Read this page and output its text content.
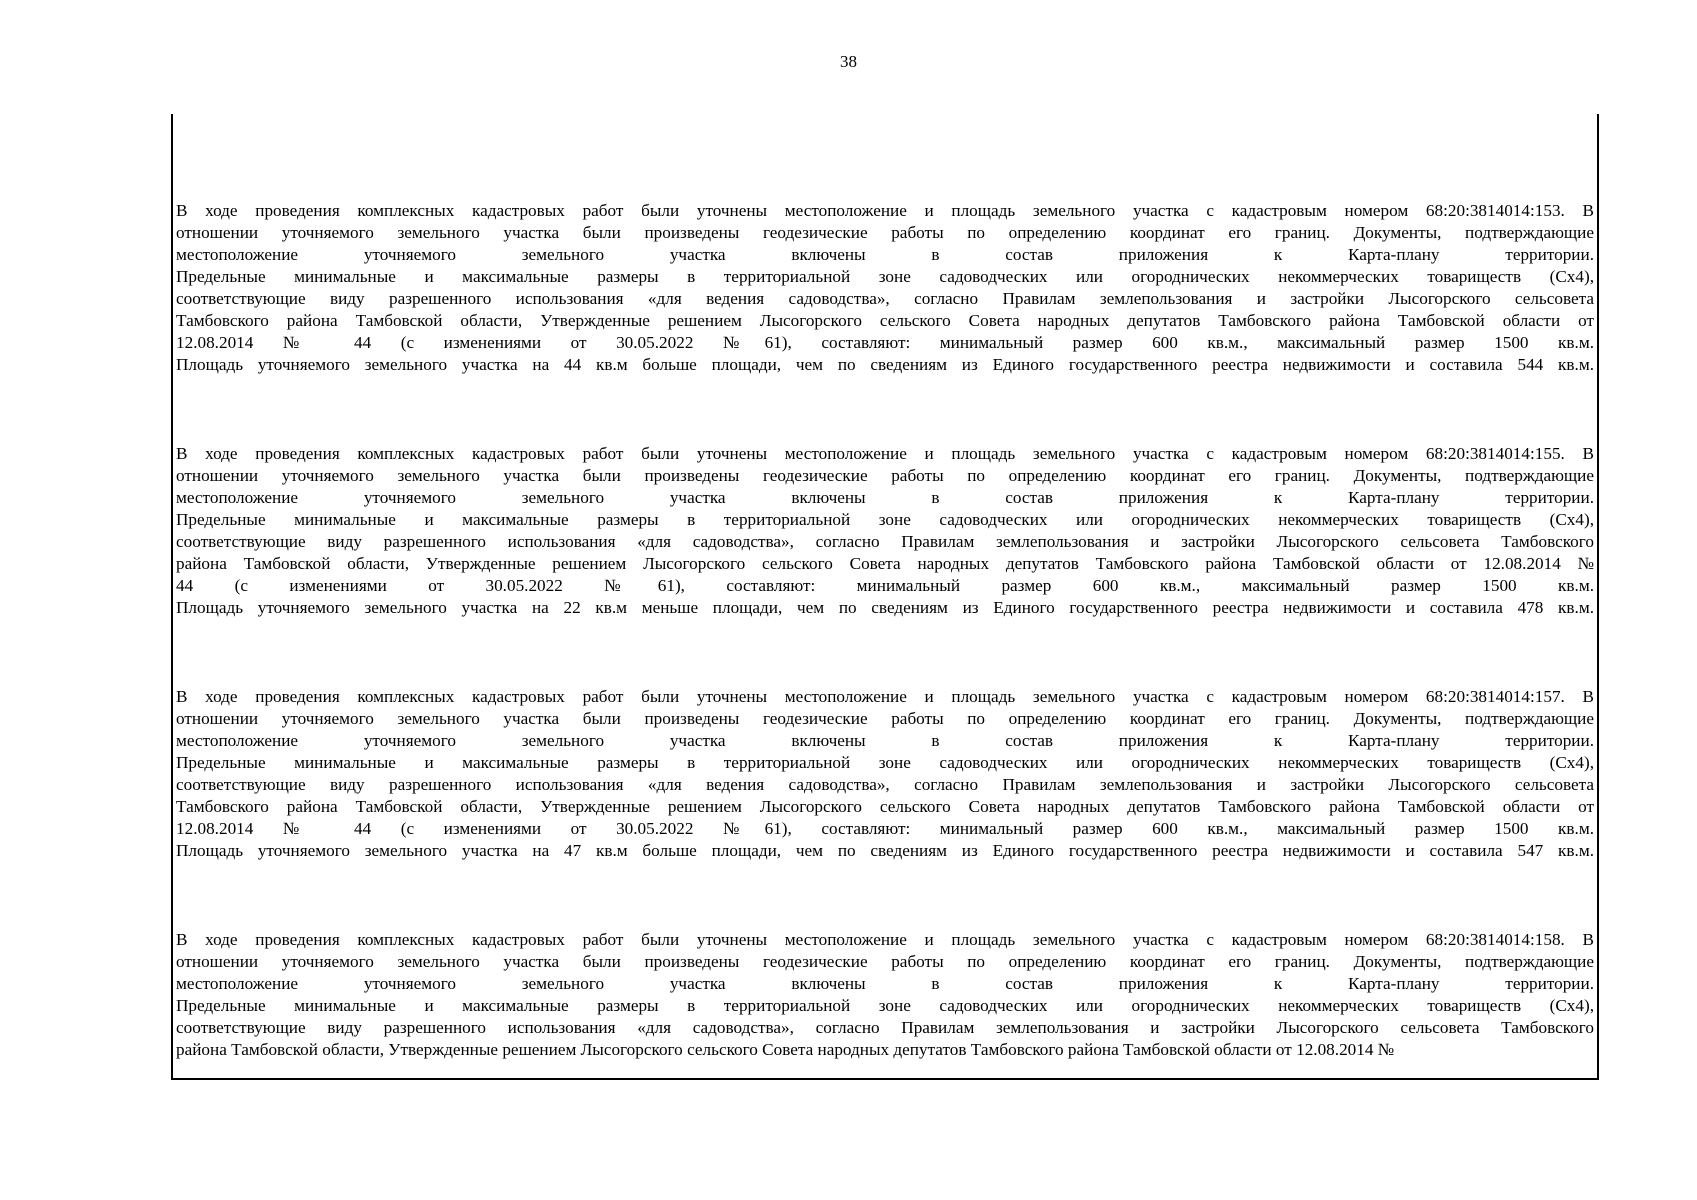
38
В ходе проведения комплексных кадастровых работ были уточнены местоположение и площадь земельного участка с кадастровым номером 68:20:3814014:153. В
отношении уточняемого земельного участка были произведены геодезические работы по определению координат его границ. Документы, подтверждающие
местоположение уточняемого земельного участка включены в состав приложения к Карта-плану территории.
Предельные минимальные и максимальные размеры в территориальной зоне садоводческих или огороднических некоммерческих товариществ (Сх4),
соответствующие виду разрешенного использования «для ведения садоводства», согласно Правилам землепользования и застройки Лысогорского сельсовета
Тамбовского района Тамбовской области, Утвержденные решением Лысогорского сельского Совета народных депутатов Тамбовского района Тамбовской области от
12.08.2014 № 44 (с изменениями от 30.05.2022 №61), составляют: минимальный размер 600 кв.м., максимальный размер 1500 кв.м.
Площадь уточняемого земельного участка на 44 кв.м больше площади, чем по сведениям из Единого государственного реестра недвижимости и составила 544 кв.м.
В ходе проведения комплексных кадастровых работ были уточнены местоположение и площадь земельного участка с кадастровым номером 68:20:3814014:155. В
отношении уточняемого земельного участка были произведены геодезические работы по определению координат его границ. Документы, подтверждающие
местоположение уточняемого земельного участка включены в состав приложения к Карта-плану территории.
Предельные минимальные и максимальные размеры в территориальной зоне садоводческих или огороднических некоммерческих товариществ (Сх4),
соответствующие виду разрешенного использования «для садоводства», согласно Правилам землепользования и застройки Лысогорского сельсовета Тамбовского
района Тамбовской области, Утвержденные решением Лысогорского сельского Совета народных депутатов Тамбовского района Тамбовской области от 12.08.2014 №
44 (с изменениями от 30.05.2022 №61), составляют: минимальный размер 600 кв.м., максимальный размер 1500 кв.м.
Площадь уточняемого земельного участка на 22 кв.м меньше площади, чем по сведениям из Единого государственного реестра недвижимости и составила 478 кв.м.
В ходе проведения комплексных кадастровых работ были уточнены местоположение и площадь земельного участка с кадастровым номером 68:20:3814014:157. В
отношении уточняемого земельного участка были произведены геодезические работы по определению координат его границ. Документы, подтверждающие
местоположение уточняемого земельного участка включены в состав приложения к Карта-плану территории.
Предельные минимальные и максимальные размеры в территориальной зоне садоводческих или огороднических некоммерческих товариществ (Сх4),
соответствующие виду разрешенного использования «для ведения садоводства», согласно Правилам землепользования и застройки Лысогорского сельсовета
Тамбовского района Тамбовской области, Утвержденные решением Лысогорского сельского Совета народных депутатов Тамбовского района Тамбовской области от
12.08.2014 № 44 (с изменениями от 30.05.2022 №61), составляют: минимальный размер 600 кв.м., максимальный размер 1500 кв.м.
Площадь уточняемого земельного участка на 47 кв.м больше площади, чем по сведениям из Единого государственного реестра недвижимости и составила 547 кв.м.
В ходе проведения комплексных кадастровых работ были уточнены местоположение и площадь земельного участка с кадастровым номером 68:20:3814014:158. В
отношении уточняемого земельного участка были произведены геодезические работы по определению координат его границ. Документы, подтверждающие
местоположение уточняемого земельного участка включены в состав приложения к Карта-плану территории.
Предельные минимальные и максимальные размеры в территориальной зоне садоводческих или огороднических некоммерческих товариществ (Сх4),
соответствующие виду разрешенного использования «для садоводства», согласно Правилам землепользования и застройки Лысогорского сельсовета Тамбовского
района Тамбовской области, Утвержденные решением Лысогорского сельского Совета народных депутатов Тамбовского района Тамбовской области от 12.08.2014 №
